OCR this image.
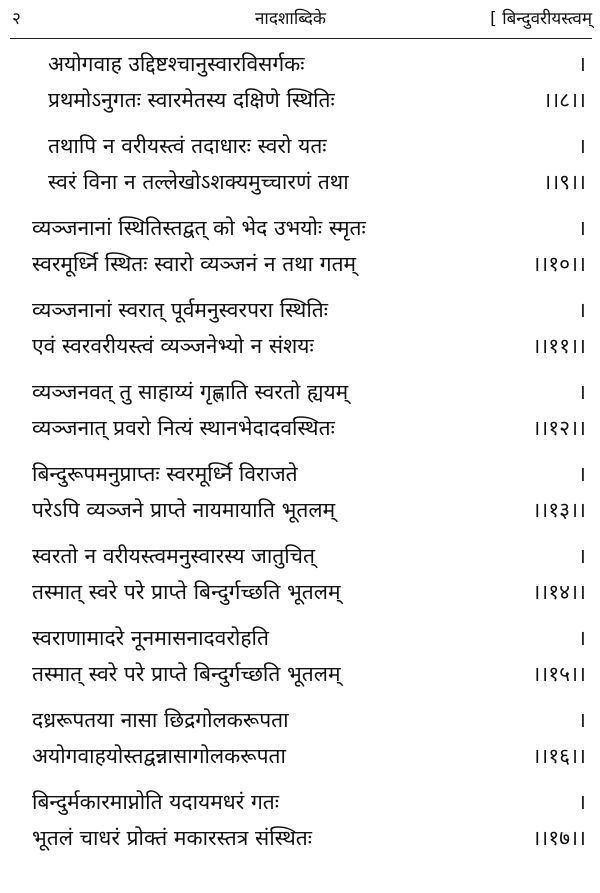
२	नादशाब्दिके	[ बिन्दुवरीयस्त्वम्
अयोगवाह उद्दिष्टश्चानुस्वारविसर्गकः	।
प्रथमोऽनुगतः स्वारमेतस्य दक्षिणे स्थितिः	।।८।।
तथापि न वरीयस्त्वं तदाधारः स्वरो यतः	।
स्वरं विना न तल्लेखोऽशक्यमुच्चारणं तथा	।।९।।
व्यञ्जनानां स्थितिस्तद्वत् को भेद उभयोः स्मृतः	।
स्वरमूर्ध्नि स्थितः स्वारो व्यञ्जनं न तथा गतम्	।।१०।।
व्यञ्जनानां स्वरात् पूर्वमनुस्वरपरा स्थितिः	।
एवं स्वरवरीयस्त्वं व्यञ्जनेभ्यो न संशयः	।।११।।
व्यञ्जनवत् तु साहाय्यं गृह्णाति स्वरतो ह्ययम्	।
व्यञ्जनात् प्रवरो नित्यं स्थानभेदादवस्थितः	।।१२।।
बिन्दुरूपमनुप्राप्तः स्वरमूर्ध्नि विराजते	।
परेऽपि व्यञ्जने प्राप्ते नायमायाति भूतलम्	।।१३।।
स्वरतो न वरीयस्त्वमनुस्वारस्य जातुचित्	।
तस्मात् स्वरे परे प्राप्ते बिन्दुर्गच्छति भूतलम्	।।१४।।
स्वराणामादरे नूनमासनादवरोहति	।
तस्मात् स्वरे परे प्राप्ते बिन्दुर्गच्छति भूतलम्	।।१५।।
दध्ररूपतया नासा छिद्रगोलकरूपता	।
अयोगवाहयोस्तद्वन्नासागोलकरूपता	।।१६।।
बिन्दुर्मकारमाप्नोति यदायमधरं गतः	।
भूतलं चाधरं प्रोक्तं मकारस्तत्र संस्थितः	।।१७।।
